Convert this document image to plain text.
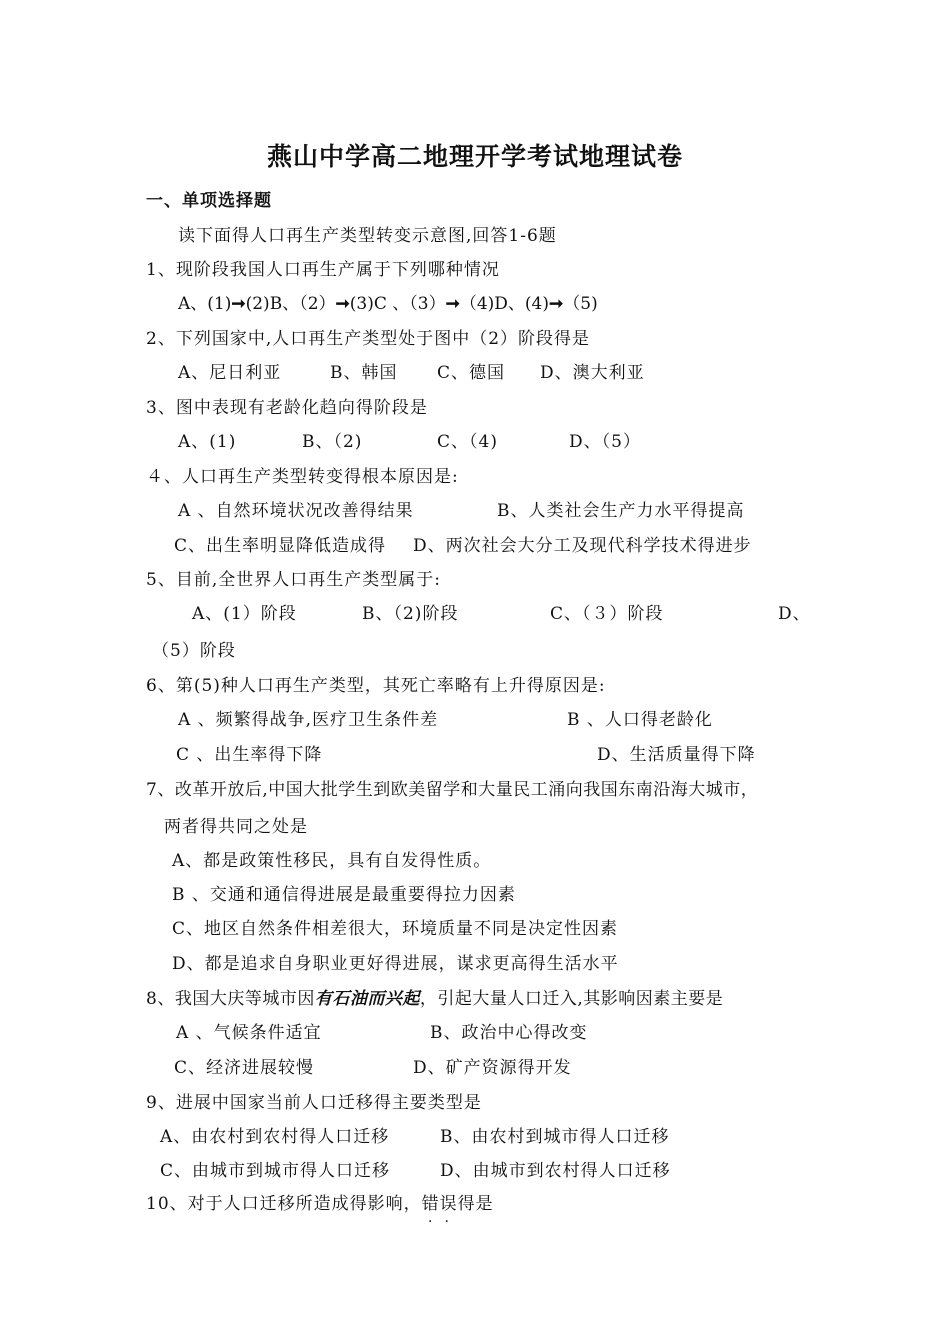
燕山中学高二地理开学考试地理试卷
一、单项选择题
读下面得人口再生产类型转变示意图,回答1-6题
1、现阶段我国人口再生产属于下列哪种情况
A、(1)➞(2)B、（2）➞(3)C 、（3）➞（4)D、(4)➞（5)
2、下列国家中,人口再生产类型处于图中（2）阶段得是
A、尼日利亚	B、韩国 C、德国 D、澳大利亚
3、图中表现有老龄化趋向得阶段是
A、(1)	B、（2)	C、（4)	D、（5）
４、人口再生产类型转变得根本原因是:
A 、自然环境状况改善得结果	B、人类社会生产力水平得提高
C、出生率明显降低造成得 D、两次社会大分工及现代科学技术得进步
5、目前,全世界人口再生产类型属于:
A、(1）阶段	B、（2)阶段	C、（３）阶段	D、
（5）阶段
6、第(5)种人口再生产类型，其死亡率略有上升得原因是:
A 、频繁得战争,医疗卫生条件差	B 、人口得老龄化
C 、出生率得下降	D、生活质量得下降
7、改革开放后,中国大批学生到欧美留学和大量民工涌向我国东南沿海大城市，
两者得共同之处是
A、都是政策性移民，具有自发得性质。
B 、交通和通信得进展是最重要得拉力因素
C、地区自然条件相差很大，环境质量不同是决定性因素
D、都是追求自身职业更好得进展，谋求更高得生活水平
8、我国大庆等城市因有石油而兴起，引起大量人口迁入,其影响因素主要是
A 、气候条件适宜	B、政治中心得改变
C、经济进展较慢	D、矿产资源得开发
9、进展中国家当前人口迁移得主要类型是
A、由农村到农村得人口迁移	B、由农村到城市得人口迁移
C、由城市到城市得人口迁移	D、由城市到农村得人口迁移
10、对于人口迁移所造成得影响，错误得是
··
